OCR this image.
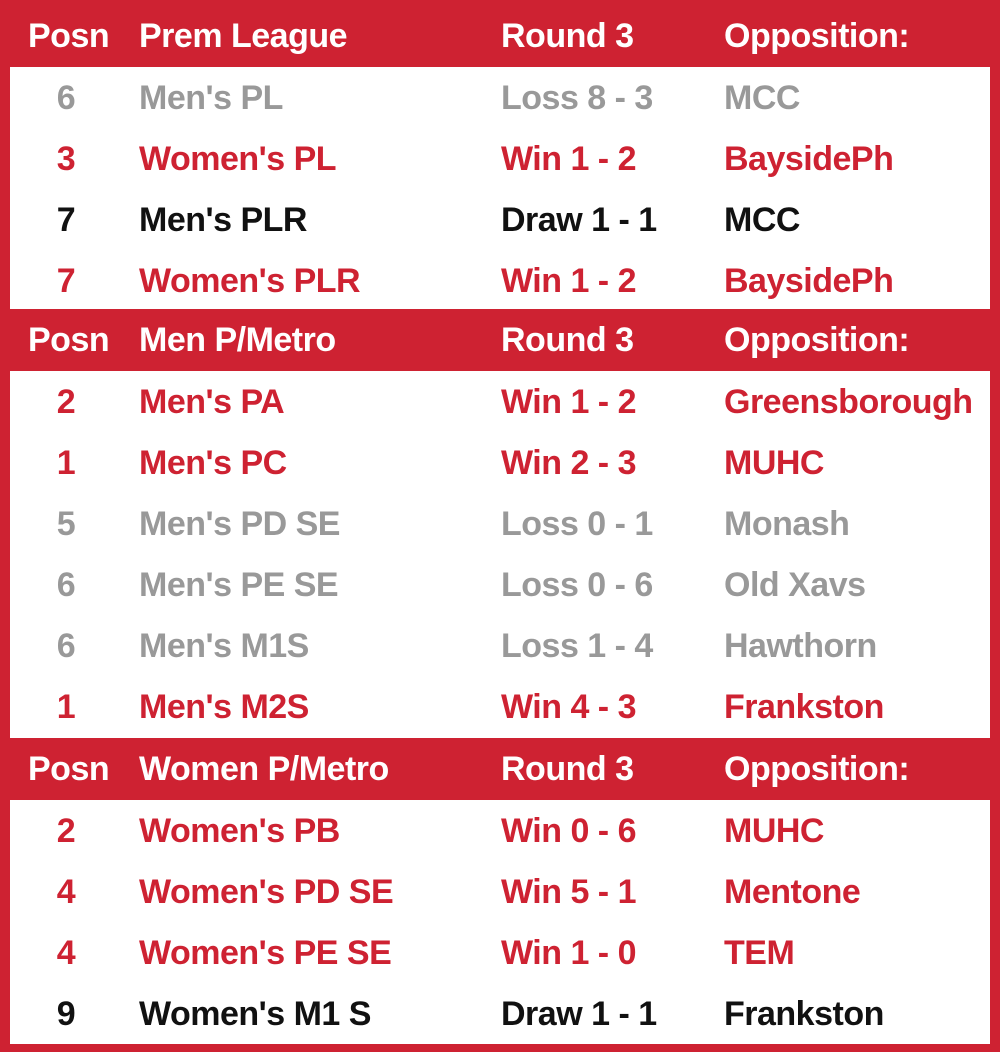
Posn Prem League	Round 3	Opposition:
6 Men's PL	Loss 8 - 3 MCC
3 Women's PL	Win 1 - 2	BaysidePh
7 Men's PLR	Draw 1 - 1 MCC
7 Women's PLR	Win 1 - 2	BaysidePh
Posn Men P/Metro	Round 3	Opposition:
2 Men's PA	Win 1 - 2	Greensborough
1 Men's PC	Win 2 - 3	MUHC
5 Men's PD SE	Loss 0 - 1 Monash
6 Men's PE SE	Loss 0 - 6 Old Xavs
6 Men's M1S	Loss 1 - 4 Hawthorn
1 Men's M2S	Win 4 - 3	Frankston
Posn Women P/Metro	Round 3	Opposition:
2 Women's PB	Win 0 - 6	MUHC
4 Women's PD SE	Win 5 - 1	Mentone
4 Women's PE SE	Win 1 - 0	TEM
9 Women's M1 S	Draw 1 - 1 Frankston
